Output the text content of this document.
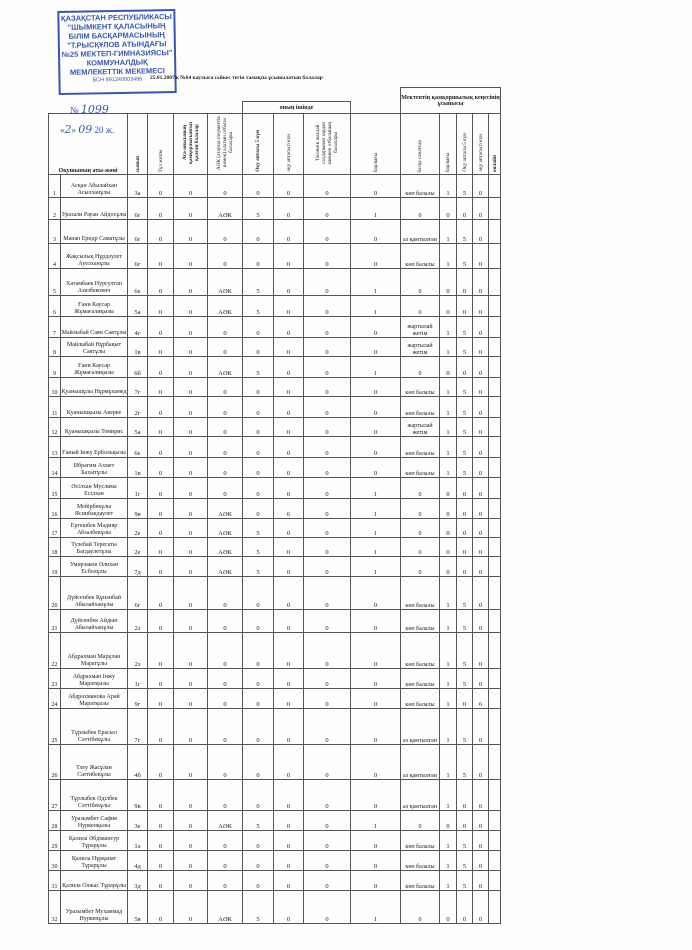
ҚАЗАҚСТАН РЕСПУБЛИКАСЫ
"ШЫМКЕНТ ҚАЛАСЫНЫҢ
БІЛІМ БАСҚАРМАСЫНЫҢ
"Т.РЫСҚҰЛОВ АТЫНДАҒЫ
№25 МЕКТЕП-ГИМНАЗИЯСЫ"
КОММУНАЛДЫҚ
МЕМЛЕКЕТТІК МЕКЕМЕСІ
БСН 991240003486	25.01.2007ж №64 каулыға сәйкес тегін тамақпа ұсынылатын балалар
№ 1099
«2» 09 20 ж.
										Мектептің қамқоршылық кеңесінің ұсынысы				
						оның ішінде								
Оқушының аты-жөні		сынып	Тұл жетім	Ата-анасының қамқорлығынсыз қалған балалар	АӘК (атаулы әлеуметтік көмек) алатын отбасы балалары	Оқу аптасы 5 күн	оқу аптасы 6 күн	Тегеннiн жағдай салдарынан зардап шеккен отбасының балалары	барлығы	басқа санаттар	барлығы	Оқу аптасы 5 күн	оқу аптасы 6 күн	онлайн
1	Асқан Абылайхан Асылханұлы	3а	0	0	0	0	0	0	0	көп балалы	1	5	0	
2	Уразали Рауан Айдосұлы	6г	0	0	АӘК	5	0	0	1	0	0	0	0	
3	Манап Ерндр Саматұлы	6г	0	0	0	0	0	0	0	аз қамтылған	1	5	0	
4	Жақсылық Нұрдәулет Ауелханұлы	6г	0	0	0	0	0	0	0	көп балалы	1	5	0	
5	Хатамбаев Нурсултан Азизбекович	6е	0	0	АӘК	5	0	0	1	0	0	0	0	
6	Ғани Каусар Жұмағалиқызы	5а	0	0	АӘК	5	0	0	1	0	0	0	0	
7	Майлыбай Саян Саятұлы	4г	0	0	0	0	0	0	0	жартылай жетім	1	5	0	
8	Майлыбай Нұрбақыт Саятұлы	1в	0	0	0	0	0	0	0	жартылай жетім	1	5	0	
9	Ғани Каусар Жұмағалиқызы	6б	0	0	АӘК	5	0	0	1	0	0	0	0	
10	Қуанышұлы Нұрмұхамед	7г	0	0	0	0	0	0	0	көп балалы	1	5	0	
11	Қуанышқызы Акерке	2г	0	0	0	0	0	0	0	көп балалы	1	5	0	
12	Қуанышқызы Томирис	5а	0	0	0	0	0	0	0	жартылай жетім	1	5	0	
13	Ғаный Інжу Ербольқызы	6е	0	0	0	0	0	0	0	көп балалы	1	5	0	
14	Ибрагим Ахмет Бахытұлы	1в	0	0	0	0	0	0	0	көп балалы	1	5	0	
15	Әсілхан Муслима Есілхан	1г	0	0	0	0	0	0	1	0	0	0	0	
16	Мейірбекұлы Ясинбакдаулет	9в	0	0	АӘК	0	6	0	1	0	0	0	0	
17	Ергешбек Мадияр Абзалбекұлы	2е	0	0	АӘК	5	0	0	1	0	0	0	0	
18	Тулебай Терегаты Багдаулетұлы	2е	0	0	АӘК	5	0	0	1	0	0	0	0	
19	Умирзаков Әлихан Есболұлы	7д	0	0	АӘК	5	0	0	1	0	0	0	0	
20	Дүйсенбек Құнанбай Абылайханұлы	6г	0	0	0	0	0	0	0	көп балалы	1	5	0	
21	Дүйсенбек Айдын Абылайханұлы	2з	0	0	0	0	0	0	0	көп балалы	1	5	0	
22	Абдрахман Марұлан Маратұлы	2з	0	0	0	0	0	0	0	көп балалы	1	5	0	
23	Абдрахман Інжу Маратқызы	1г	0	0	0	0	0	0	0	көп балалы	1	5	0	
24	Абдрахманова Арай Маратқызы	9г	0	0	0	0	0	0	0	көп балалы	1	0	6	
25	Тұрлыбек Ерасыл Сәттібекұлы	7г	0	0	0	0	0	0	0	аз қамтылған	1	5	0	
26	Тлеу Жасұлан Саттибекұлы	4б	0	0	0	0	0	0	0	аз қамтылған	1	5	0	
27	Тұрлыбек Әділбек Сәттібекұлы	9в	0	0	0	0	0	0	0	аз қамтылған	1	0	6	
28	Уразымбет Сафия Нуркенқызы	3е	0	0	АӘК	5	0	0	1	0	0	0	0	
29	Қалила Әбдімансур Тұрарұлы	1ә	0	0	0	0	0	0	0	көп балалы	1	5	0	
30	Қалила Нұрқанат Тұрарұлы	4д	0	0	0	0	0	0	0	көп балалы	1	5	0	
31	Қалила Олжас Тұрарұлы	3д	0	0	0	0	0	0	0	көп балалы	1	5	0	
32	Уразымбет Мухаммад Нуркенұлы	5в	0	0	АӘК	5	0	0	1	0	0	0	0	
